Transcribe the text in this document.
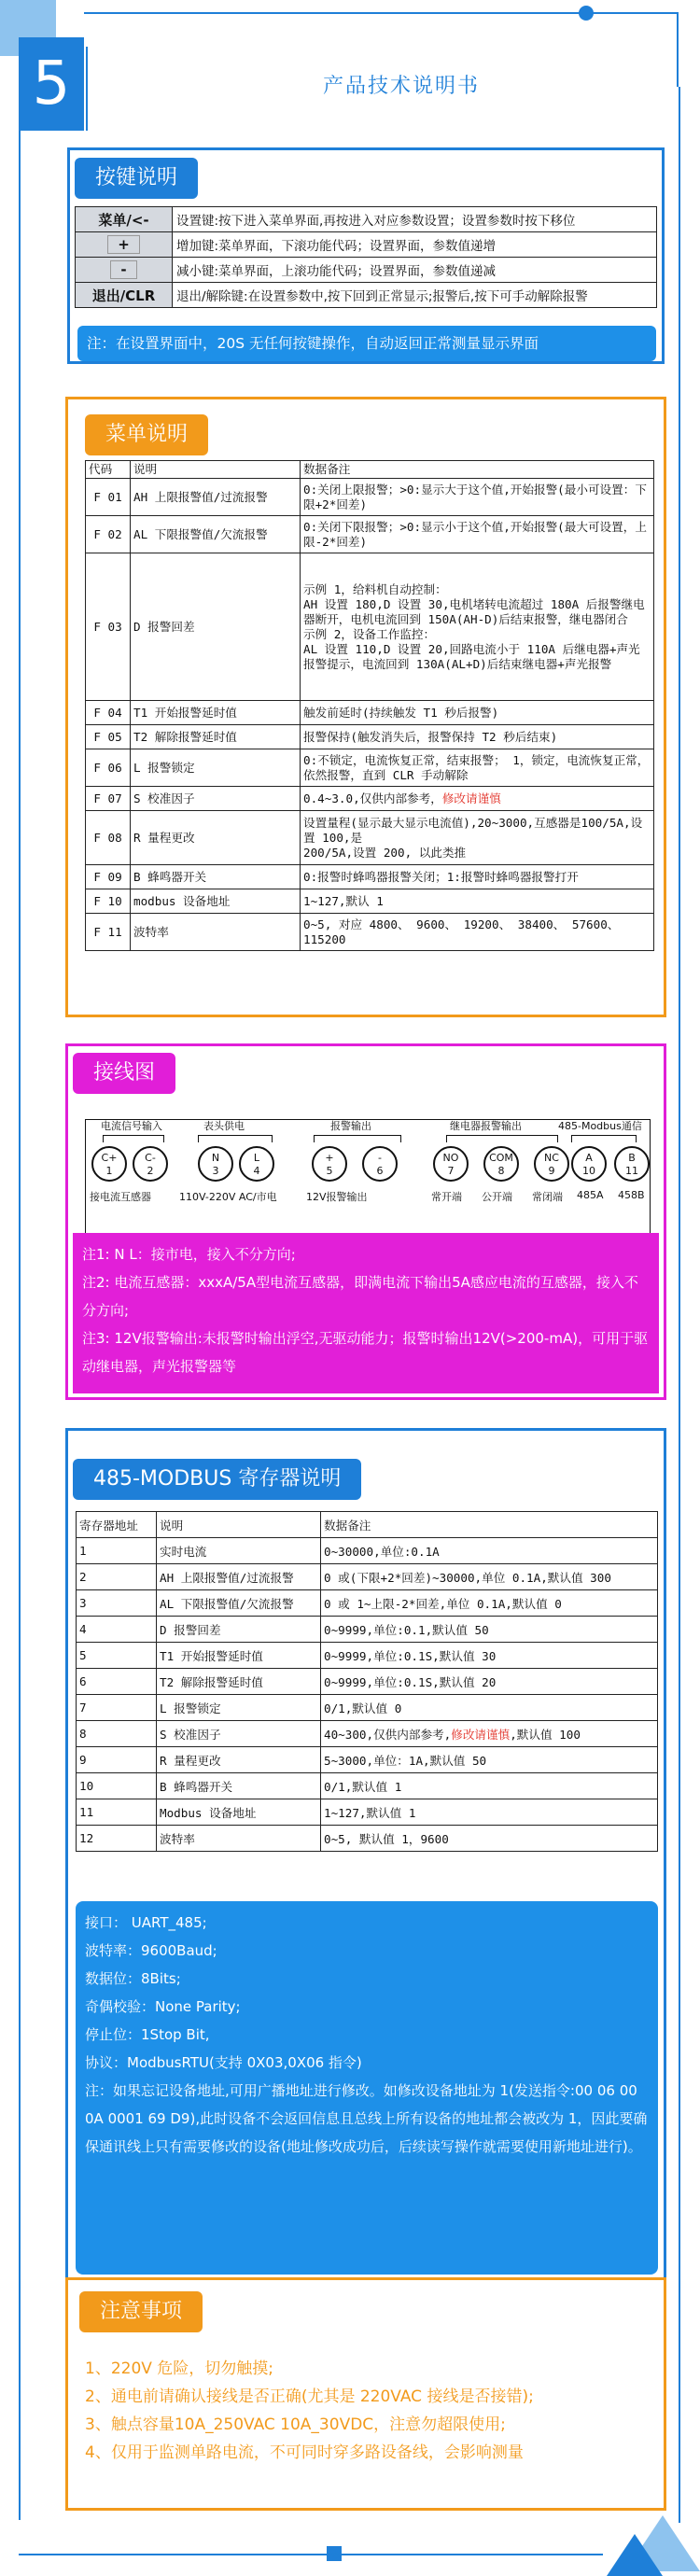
5	产品技术说明书
按键说明
菜单/<-	设置键:按下进入菜单界面,再按进入对应参数设置；设置参数时按下移位
+	增加键:菜单界面，下滚功能代码；设置界面，参数值递增
-	减小键:菜单界面，上滚功能代码；设置界面，参数值递减
退出/CLR	退出/解除键:在设置参数中,按下回到正常显示;报警后,按下可手动解除报警
注：在设置界面中，20S 无任何按键操作，自动返回正常测量显示界面
菜单说明
代码	说明	数据备注
F 01	AH 上限报警值/过流报警	0:关闭上限报警；>0:显示大于这个值,开始报警(最小可设置：下限+2*回差)
F 02	AL 下限报警值/欠流报警	0:关闭下限报警；>0:显示小于这个值,开始报警(最大可设置，上限-2*回差)
F 03	D 报警回差	示例 1，给料机自动控制：
AH 设置 180,D 设置 30,电机堵转电流超过 180A 后报警继电器断开，电机电流回到 150A(AH-D)后结束报警，继电器闭合
示例 2，设备工作监控：
AL 设置 110,D 设置 20,回路电流小于 110A 后继电器+声光报警提示，电流回到 130A(AL+D)后结束继电器+声光报警
F 04	T1 开始报警延时值	触发前延时(持续触发 T1 秒后报警)
F 05	T2 解除报警延时值	报警保持(触发消失后，报警保持 T2 秒后结束)
F 06	L 报警锁定	0:不锁定，电流恢复正常，结束报警； 1，锁定，电流恢复正常，依然报警，直到 CLR 手动解除
F 07	S 校准因子	0.4~3.0,仅供内部参考，修改请谨慎
F 08	R 量程更改	设置量程(显示最大显示电流值),20~3000,互感器是100/5A,设置 100,是
200/5A,设置 200, 以此类推
F 09	B 蜂鸣器开关	0:报警时蜂鸣器报警关闭；1:报警时蜂鸣器报警打开
F 10	modbus 设备地址	1~127,默认 1
F 11	波特率	0~5, 对应 4800、 9600、 19200、 38400、 57600、 115200
接线图
电流信号输入	表头供电	报警输出	继电器报警输出	485-Modbus通信
C+
1
C-
2
N
3
L
4
+
5
-
6
NO
7
COM
8
NC
9
A
10
B
11
接电流互感器	110V-220V AC/市电	12V报警输出	常开端 公开端 常闭端 485A 458B
注1: N L：接市电，接入不分方向;
注2: 电流互感器：xxxA/5A型电流互感器，即满电流下输出5A感应电流的互感器，接入不分方向;
注3: 12V报警输出:未报警时输出浮空,无驱动能力；报警时输出12V(>200-mA)，可用于驱动继电器，声光报警器等
485-MODBUS 寄存器说明
寄存器地址	说明	数据备注
1	实时电流	0~30000,单位:0.1A
2	AH 上限报警值/过流报警	0 或(下限+2*回差)~30000,单位 0.1A,默认值 300
3	AL 下限报警值/欠流报警	0 或 1~上限-2*回差,单位 0.1A,默认值 0
4	D 报警回差	0~9999,单位:0.1,默认值 50
5	T1 开始报警延时值	0~9999,单位:0.1S,默认值 30
6	T2 解除报警延时值	0~9999,单位:0.1S,默认值 20
7	L 报警锁定	0/1,默认值 0
8	S 校准因子	40~300,仅供内部参考,修改请谨慎,默认值 100
9	R 量程更改	5~3000,单位：1A,默认值 50
10	B 蜂鸣器开关	0/1,默认值 1
11	Modbus 设备地址	1~127,默认值 1
12	波特率	0~5, 默认值 1，9600
接口： UART_485;
波特率：9600Baud;
数据位：8Bits;
奇偶校验：None Parity;
停止位：1Stop Bit,
协议：ModbusRTU(支持 0X03,0X06 指令)
注：如果忘记设备地址,可用广播地址进行修改。如修改设备地址为 1(发送指令:00 06 00 0A 0001 69 D9),此时设备不会返回信息且总线上所有设备的地址都会被改为 1，因此要确保通讯线上只有需要修改的设备(地址修改成功后，后续读写操作就需要使用新地址进行)。
注意事项
1、220V 危险，切勿触摸;
2、通电前请确认接线是否正确(尤其是 220VAC 接线是否接错);
3、触点容量10A_250VAC 10A_30VDC，注意勿超限使用;
4、仅用于监测单路电流，不可同时穿多路设备线，会影响测量
